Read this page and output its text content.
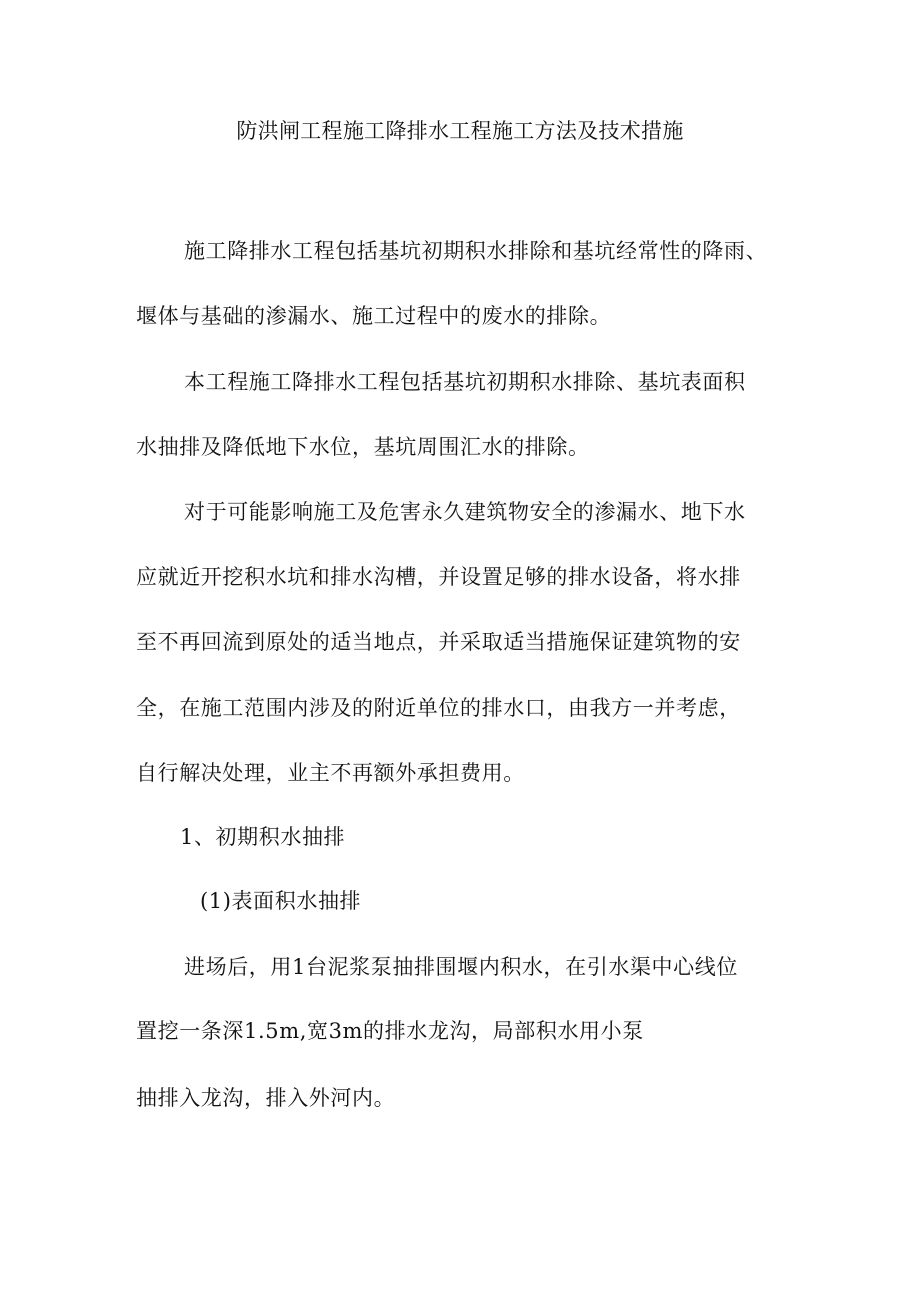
防洪闸工程施工降排水工程施工方法及技术措施
施工降排水工程包括基坑初期积水排除和基坑经常性的降雨、
堰体与基础的渗漏水、施工过程中的废水的排除。
本工程施工降排水工程包括基坑初期积水排除、基坑表面积
水抽排及降低地下水位，基坑周围汇水的排除。
对于可能影响施工及危害永久建筑物安全的渗漏水、地下水
应就近开挖积水坑和排水沟槽，并设置足够的排水设备，将水排
至不再回流到原处的适当地点，并采取适当措施保证建筑物的安
全，在施工范围内涉及的附近单位的排水口，由我方一并考虑，
自行解决处理，业主不再额外承担费用。
1、初期积水抽排
(1)表面积水抽排
进场后，用1台泥浆泵抽排围堰内积水，在引水渠中心线位
置挖一条深1.5m,宽3m的排水龙沟，局部积水用小泵
抽排入龙沟，排入外河内。
